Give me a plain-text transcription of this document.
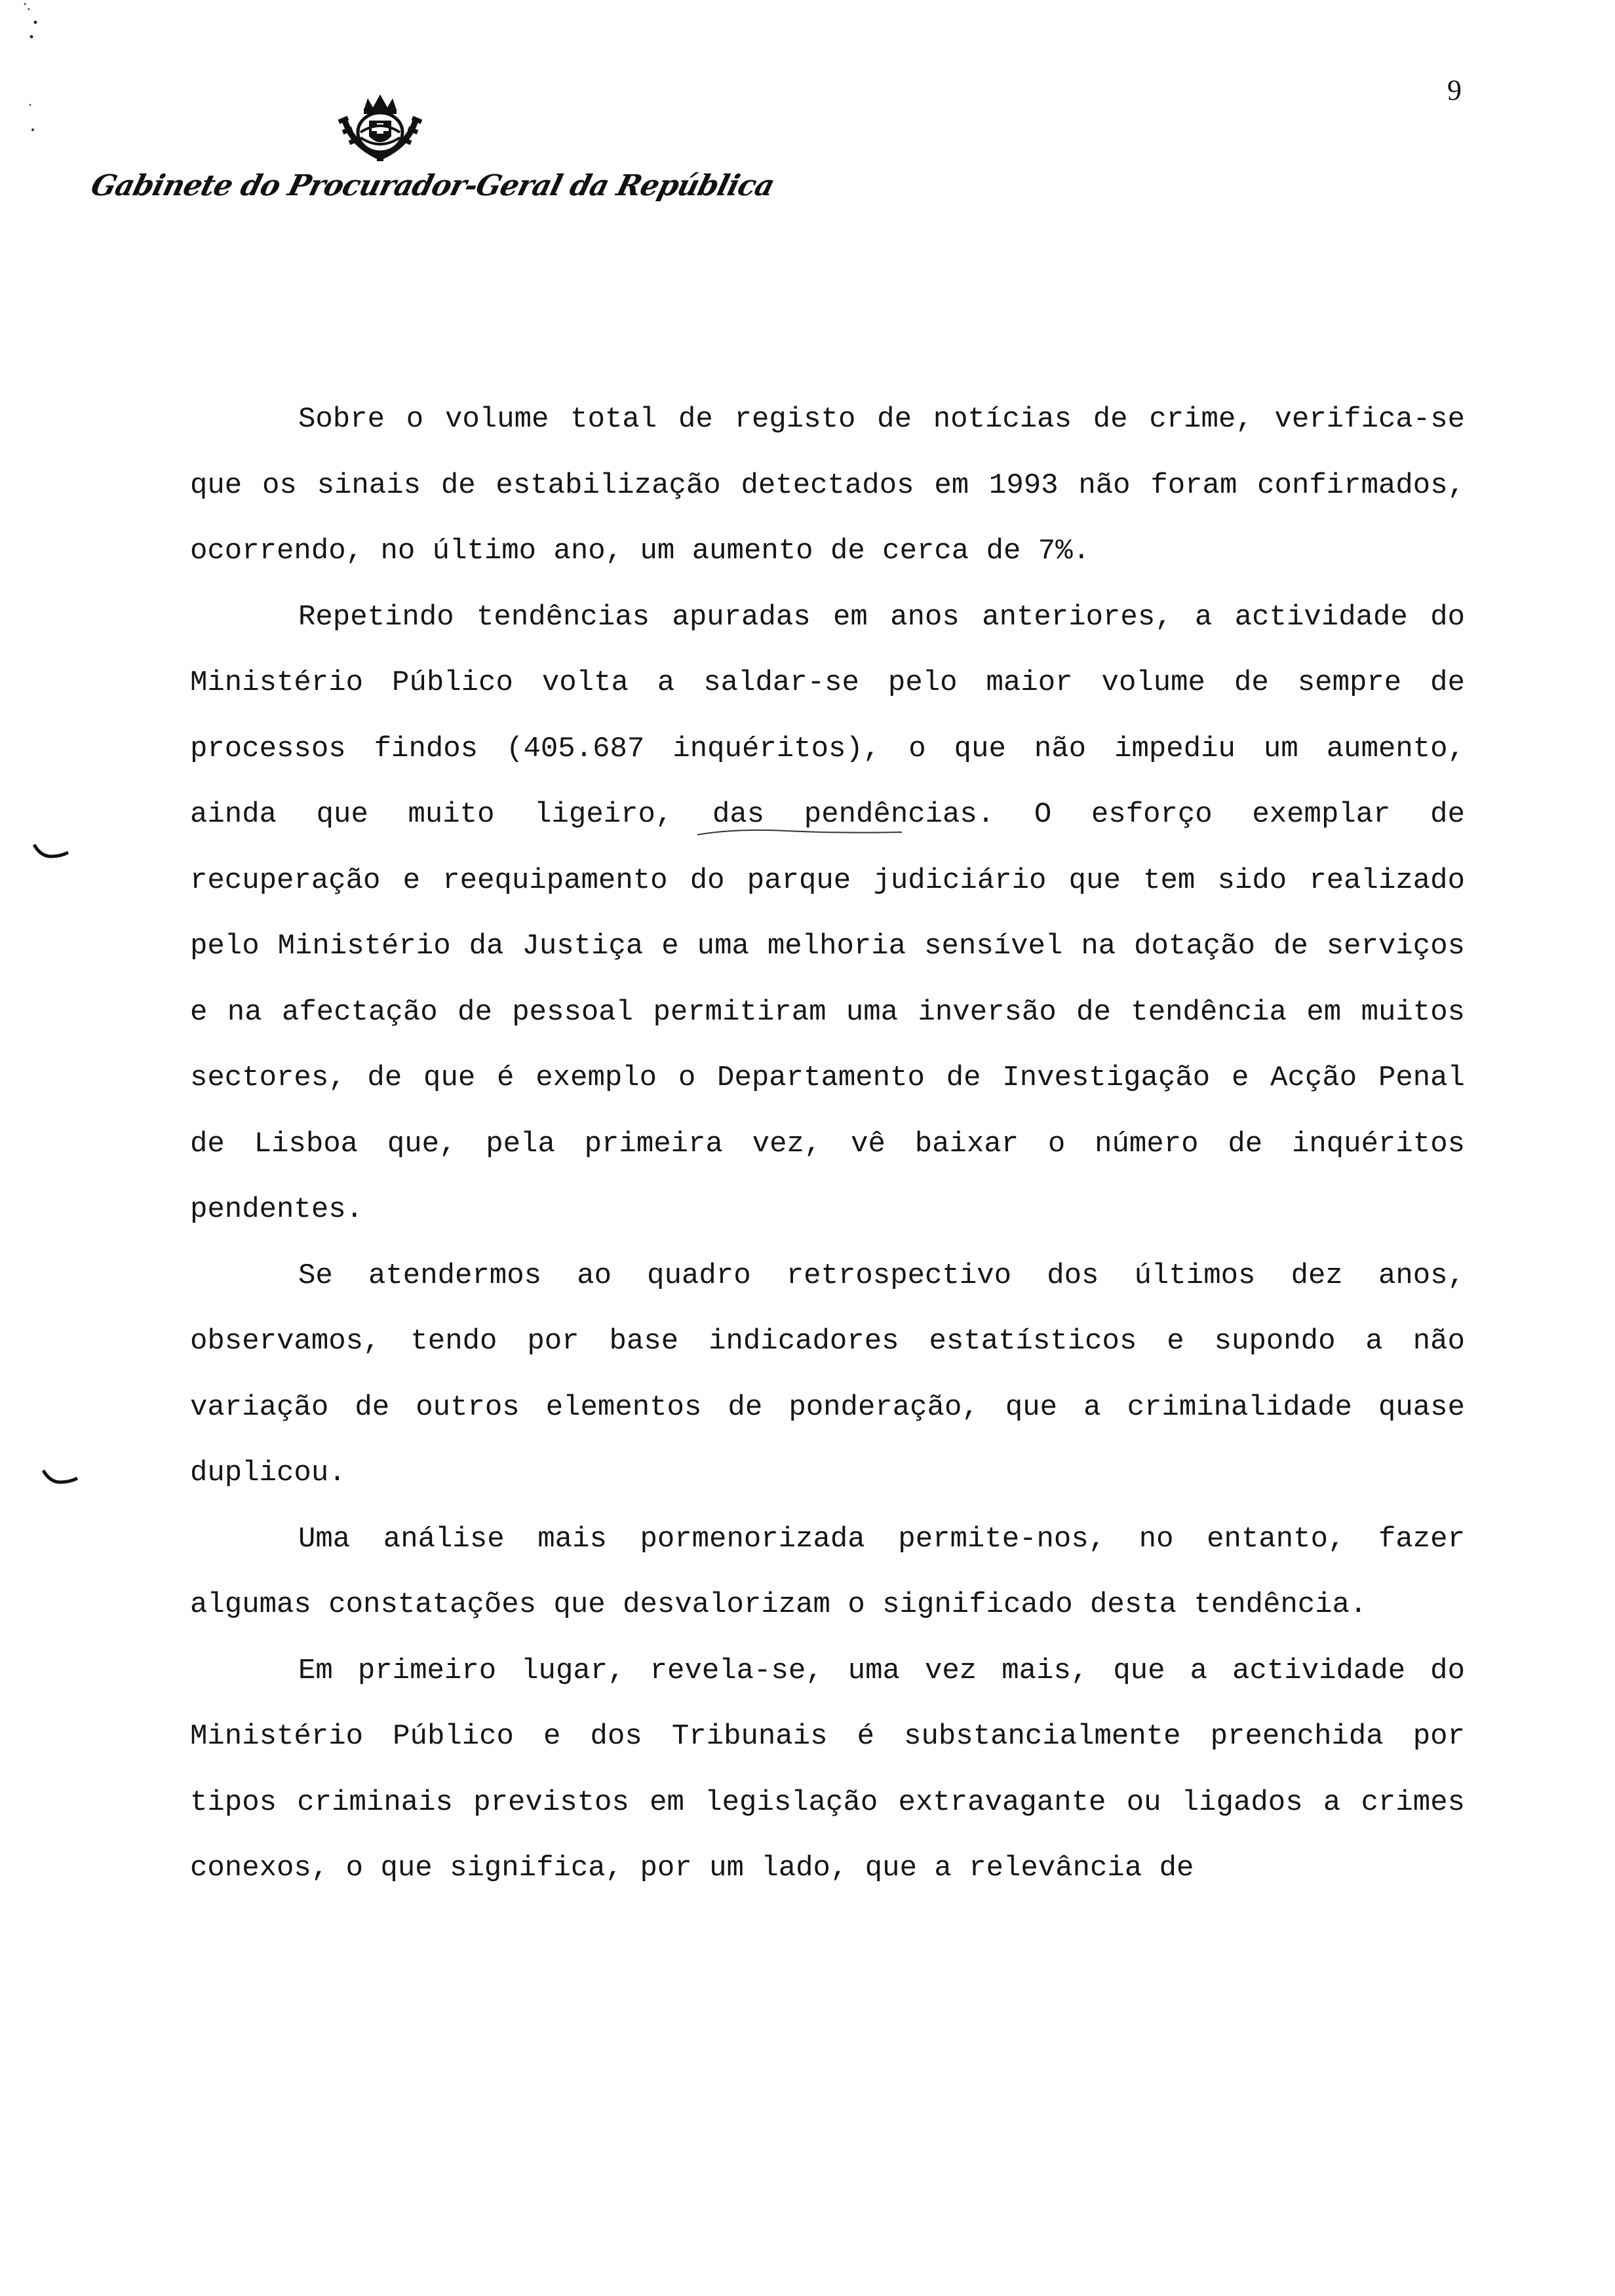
9
Gabinete do Procurador-Geral da República

Sobre o volume total de registo de notícias de crime, verifica-se que os sinais de estabilização detectados em 1993 não foram confirmados, ocorrendo, no último ano, um aumento de cerca de 7%.

Repetindo tendências apuradas em anos anteriores, a actividade do Ministério Público volta a saldar-se pelo maior volume de sempre de processos findos (405.687 inquéritos), o que não impediu um aumento, ainda que muito ligeiro, das pendências. O esforço exemplar de recuperação e reequipamento do parque judiciário que tem sido realizado pelo Ministério da Justiça e uma melhoria sensível na dotação de serviços e na afectação de pessoal permitiram uma inversão de tendência em muitos sectores, de que é exemplo o Departamento de Investigação e Acção Penal de Lisboa que, pela primeira vez, vê baixar o número de inquéritos pendentes.

Se atendermos ao quadro retrospectivo dos últimos dez anos, observamos, tendo por base indicadores estatísticos e supondo a não variação de outros elementos de ponderação, que a criminalidade quase duplicou.

Uma análise mais pormenorizada permite-nos, no entanto, fazer algumas constatações que desvalorizam o significado desta tendência.

Em primeiro lugar, revela-se, uma vez mais, que a actividade do Ministério Público e dos Tribunais é substancialmente preenchida por tipos criminais previstos em legislação extravagante ou ligados a crimes conexos, o que significa, por um lado, que a relevância de
